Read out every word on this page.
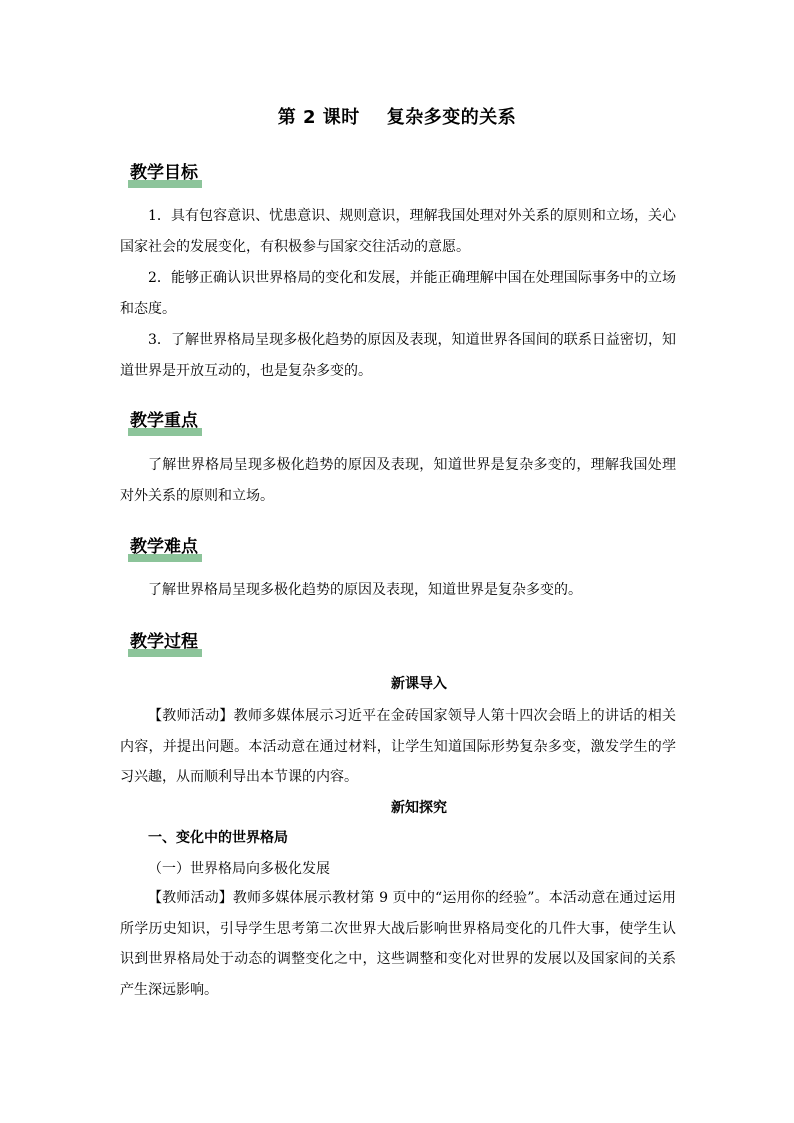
第 2 课时    复杂多变的关系
教学目标
1．具有包容意识、忧患意识、规则意识，理解我国处理对外关系的原则和立场，关心国家社会的发展变化，有积极参与国家交往活动的意愿。
2．能够正确认识世界格局的变化和发展，并能正确理解中国在处理国际事务中的立场和态度。
3．了解世界格局呈现多极化趋势的原因及表现，知道世界各国间的联系日益密切，知道世界是开放互动的，也是复杂多变的。
教学重点
了解世界格局呈现多极化趋势的原因及表现，知道世界是复杂多变的，理解我国处理对外关系的原则和立场。
教学难点
了解世界格局呈现多极化趋势的原因及表现，知道世界是复杂多变的。
教学过程
新课导入
【教师活动】教师多媒体展示习近平在金砖国家领导人第十四次会晤上的讲话的相关内容，并提出问题。本活动意在通过材料，让学生知道国际形势复杂多变，激发学生的学习兴趣，从而顺利导出本节课的内容。
新知探究
一、变化中的世界格局
（一）世界格局向多极化发展
【教师活动】教师多媒体展示教材第 9 页中的“运用你的经验”。本活动意在通过运用所学历史知识，引导学生思考第二次世界大战后影响世界格局变化的几件大事，使学生认识到世界格局处于动态的调整变化之中，这些调整和变化对世界的发展以及国家间的关系产生深远影响。
